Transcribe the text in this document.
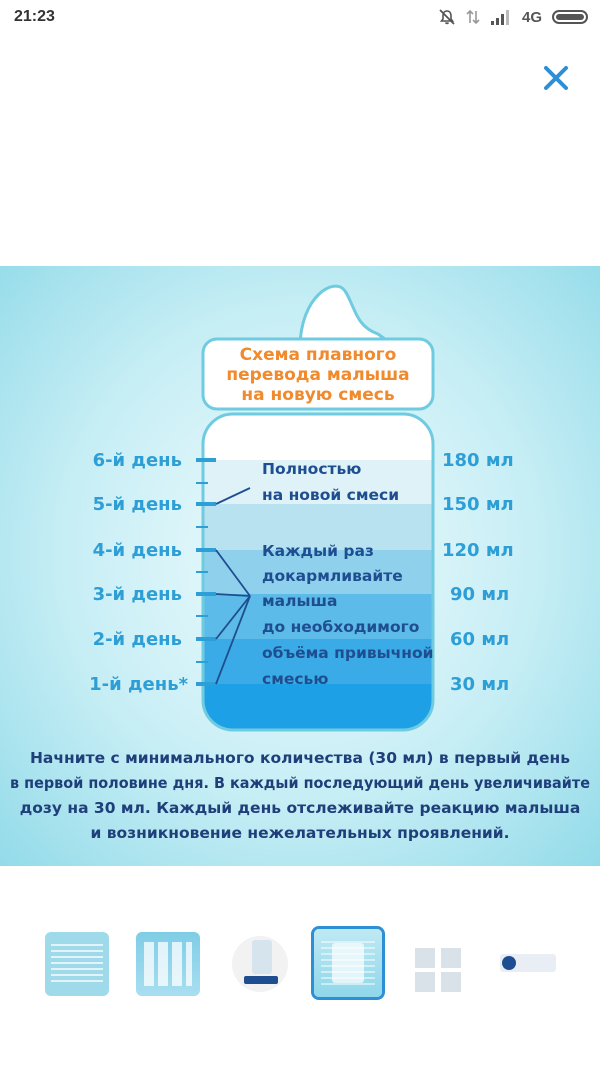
21:23	4G
Схема плавного
перевода малыша
на новую смесь
6-й день
5-й день
4-й день
3-й день
2-й день
1-й день*
180 мл
150 мл
120 мл
90 мл
60 мл
30 мл
Полностью
на новой смеси
Каждый раз
докармливайте
малыша
до необходимого
объёма привычной
смесью
Начните с минимального количества (30 мл) в первый день
в первой половине дня. В каждый последующий день увеличивайте
дозу на 30 мл. Каждый день отслеживайте реакцию малыша
и возникновение нежелательных проявлений.
